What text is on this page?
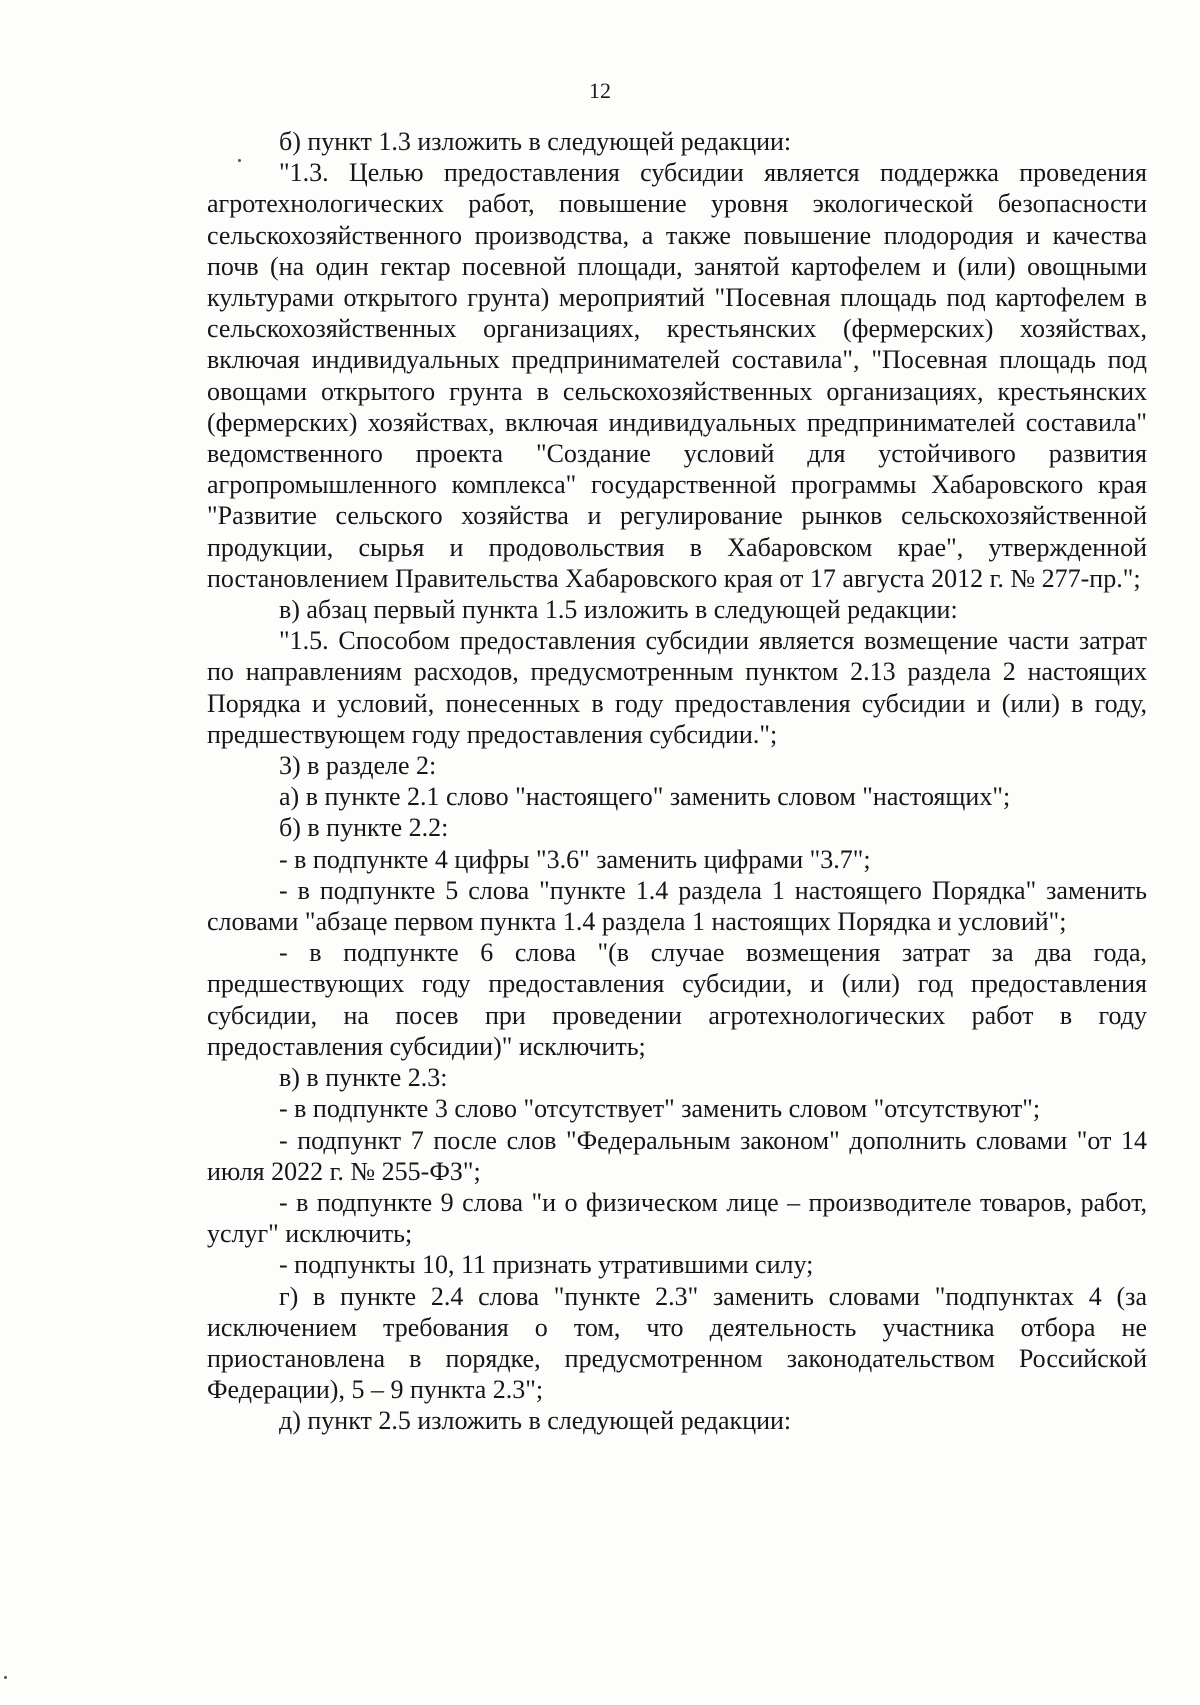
12

б) пункт 1.3 изложить в следующей редакции:

"1.3. Целью предоставления субсидии является поддержка проведения агротехнологических работ, повышение уровня экологической безопасности сельскохозяйственного производства, а также повышение плодородия и качества почв (на один гектар посевной площади, занятой картофелем и (или) овощными культурами открытого грунта) мероприятий "Посевная площадь под картофелем в сельскохозяйственных организациях, крестьянских (фермерских) хозяйствах, включая индивидуальных предпринимателей составила", "Посевная площадь под овощами открытого грунта в сельскохозяйственных организациях, крестьянских (фермерских) хозяйствах, включая индивидуальных предпринимателей составила" ведомственного проекта "Создание условий для устойчивого развития агропромышленного комплекса" государственной программы Хабаровского края "Развитие сельского хозяйства и регулирование рынков сельскохозяйственной продукции, сырья и продовольствия в Хабаровском крае", утвержденной постановлением Правительства Хабаровского края от 17 августа 2012 г. № 277-пр.";

в) абзац первый пункта 1.5 изложить в следующей редакции:

"1.5. Способом предоставления субсидии является возмещение части затрат по направлениям расходов, предусмотренным пунктом 2.13 раздела 2 настоящих Порядка и условий, понесенных в году предоставления субсидии и (или) в году, предшествующем году предоставления субсидии.";

3) в разделе 2:

а) в пункте 2.1 слово "настоящего" заменить словом "настоящих";

б) в пункте 2.2:

- в подпункте 4 цифры "3.6" заменить цифрами "3.7";

- в подпункте 5 слова "пункте 1.4 раздела 1 настоящего Порядка" заменить словами "абзаце первом пункта 1.4 раздела 1 настоящих Порядка и условий";

- в подпункте 6 слова "(в случае возмещения затрат за два года, предшествующих году предоставления субсидии, и (или) год предоставления субсидии, на посев при проведении агротехнологических работ в году предоставления субсидии)" исключить;

в) в пункте 2.3:

- в подпункте 3 слово "отсутствует" заменить словом "отсутствуют";

- подпункт 7 после слов "Федеральным законом" дополнить словами "от 14 июля 2022 г. № 255-ФЗ";

- в подпункте 9 слова "и о физическом лице – производителе товаров, работ, услуг" исключить;

- подпункты 10, 11 признать утратившими силу;

г) в пункте 2.4 слова "пункте 2.3" заменить словами "подпунктах 4 (за исключением требования о том, что деятельность участника отбора не приостановлена в порядке, предусмотренном законодательством Российской Федерации), 5 – 9 пункта 2.3";

д) пункт 2.5 изложить в следующей редакции:
